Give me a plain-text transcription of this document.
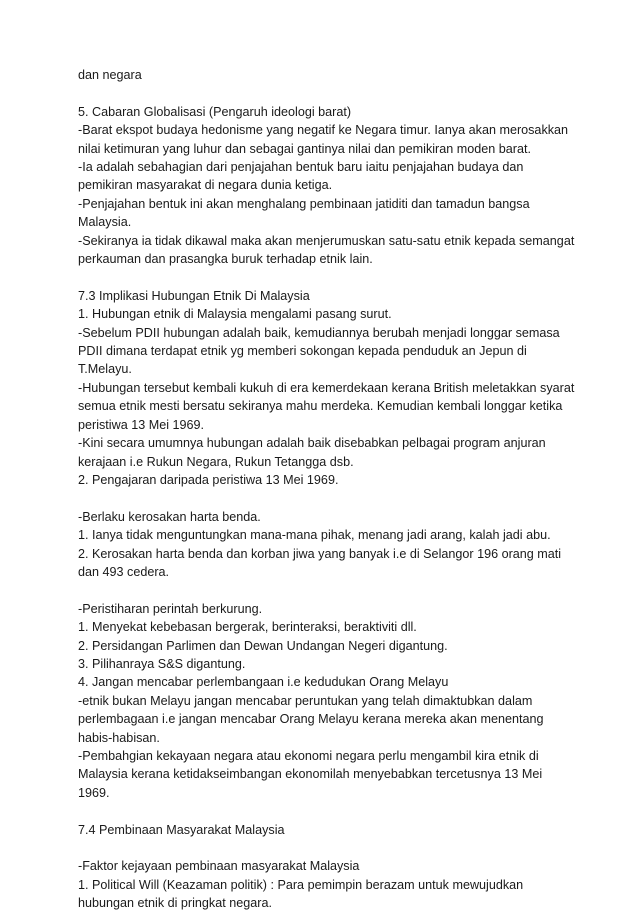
dan negara
5. Cabaran Globalisasi (Pengaruh ideologi barat)
-Barat ekspot budaya hedonisme yang negatif ke Negara timur. Ianya akan merosakkan
nilai ketimuran yang luhur dan sebagai gantinya nilai dan pemikiran moden barat.
-Ia adalah sebahagian dari penjajahan bentuk baru iaitu penjajahan budaya dan
pemikiran masyarakat di negara dunia ketiga.
-Penjajahan bentuk ini akan menghalang pembinaan jatiditi dan tamadun bangsa
Malaysia.
-Sekiranya ia tidak dikawal maka akan menjerumuskan satu-satu etnik kepada semangat
perkauman dan prasangka buruk terhadap etnik lain.
7.3 Implikasi Hubungan Etnik Di Malaysia
1. Hubungan etnik di Malaysia mengalami pasang surut.
-Sebelum PDII hubungan adalah baik, kemudiannya berubah menjadi longgar semasa
PDII dimana terdapat etnik yg memberi sokongan kepada penduduk an Jepun di
T.Melayu.
-Hubungan tersebut kembali kukuh di era kemerdekaan kerana British meletakkan syarat
semua etnik mesti bersatu sekiranya mahu merdeka. Kemudian kembali longgar ketika
peristiwa 13 Mei 1969.
-Kini secara umumnya hubungan adalah baik disebabkan pelbagai program anjuran
kerajaan i.e Rukun Negara, Rukun Tetangga dsb.
2. Pengajaran daripada peristiwa 13 Mei 1969.
-Berlaku kerosakan harta benda.
1. Ianya tidak menguntungkan mana-mana pihak, menang jadi arang, kalah jadi abu.
2. Kerosakan harta benda dan korban jiwa yang banyak i.e di Selangor 196 orang mati
dan 493 cedera.
-Peristiharan perintah berkurung.
1. Menyekat kebebasan bergerak, berinteraksi, beraktiviti dll.
2. Persidangan Parlimen dan Dewan Undangan Negeri digantung.
3. Pilihanraya S&S digantung.
4. Jangan mencabar perlembangaan i.e kedudukan Orang Melayu
-etnik bukan Melayu jangan mencabar peruntukan yang telah dimaktubkan dalam
perlembagaan i.e jangan mencabar Orang Melayu kerana mereka akan menentang
habis-habisan.
-Pembahgian kekayaan negara atau ekonomi negara perlu mengambil kira etnik di
Malaysia kerana ketidakseimbangan ekonomilah menyebabkan tercetusnya 13 Mei
1969.
7.4 Pembinaan Masyarakat Malaysia
-Faktor kejayaan pembinaan masyarakat Malaysia
1. Political Will (Keazaman politik) : Para pemimpin berazam untuk mewujudkan
hubungan etnik di pringkat negara.
